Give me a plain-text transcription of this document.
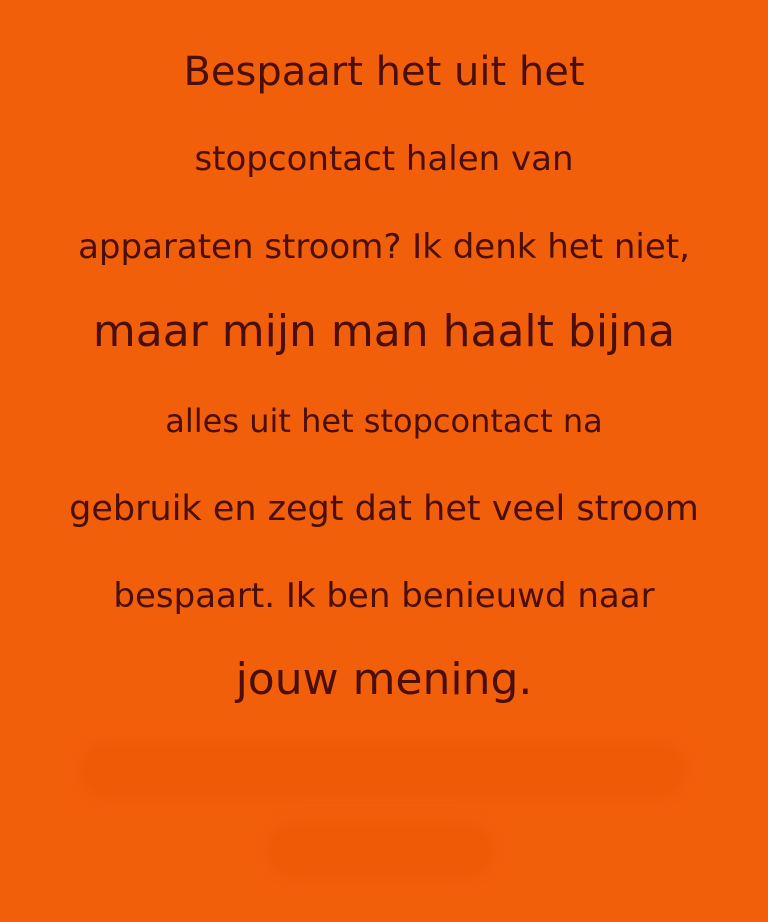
Bespaart het uit het
stopcontact halen van
apparaten stroom? Ik denk het niet,
maar mijn man haalt bijna
alles uit het stopcontact na
gebruik en zegt dat het veel stroom
bespaart. Ik ben benieuwd naar
jouw mening.
